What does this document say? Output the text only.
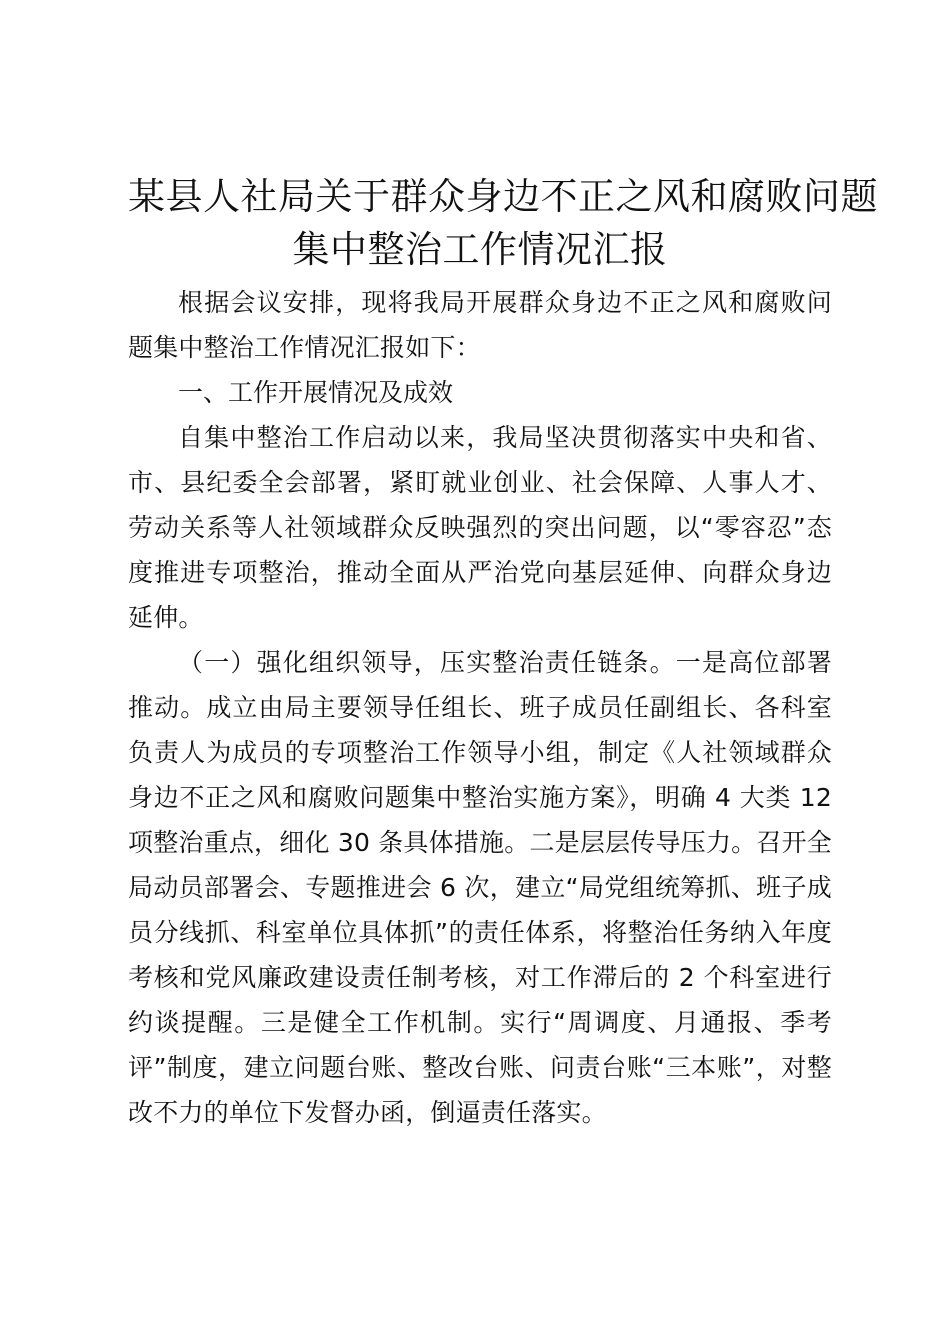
某县人社局关于群众身边不正之风和腐败问题
集中整治工作情况汇报

根据会议安排，现将我局开展群众身边不正之风和腐败问题集中整治工作情况汇报如下：

一、工作开展情况及成效

自集中整治工作启动以来，我局坚决贯彻落实中央和省、市、县纪委全会部署，紧盯就业创业、社会保障、人事人才、劳动关系等人社领域群众反映强烈的突出问题，以“零容忍”态度推进专项整治，推动全面从严治党向基层延伸、向群众身边延伸。

（一）强化组织领导，压实整治责任链条。一是高位部署推动。成立由局主要领导任组长、班子成员任副组长、各科室负责人为成员的专项整治工作领导小组，制定《人社领域群众身边不正之风和腐败问题集中整治实施方案》，明确 4 大类 12 项整治重点，细化 30 条具体措施。二是层层传导压力。召开全局动员部署会、专题推进会 6 次，建立“局党组统筹抓、班子成员分线抓、科室单位具体抓”的责任体系，将整治任务纳入年度考核和党风廉政建设责任制考核，对工作滞后的 2 个科室进行约谈提醒。三是健全工作机制。实行“周调度、月通报、季考评”制度，建立问题台账、整改台账、问责台账“三本账”，对整改不力的单位下发督办函，倒逼责任落实。
